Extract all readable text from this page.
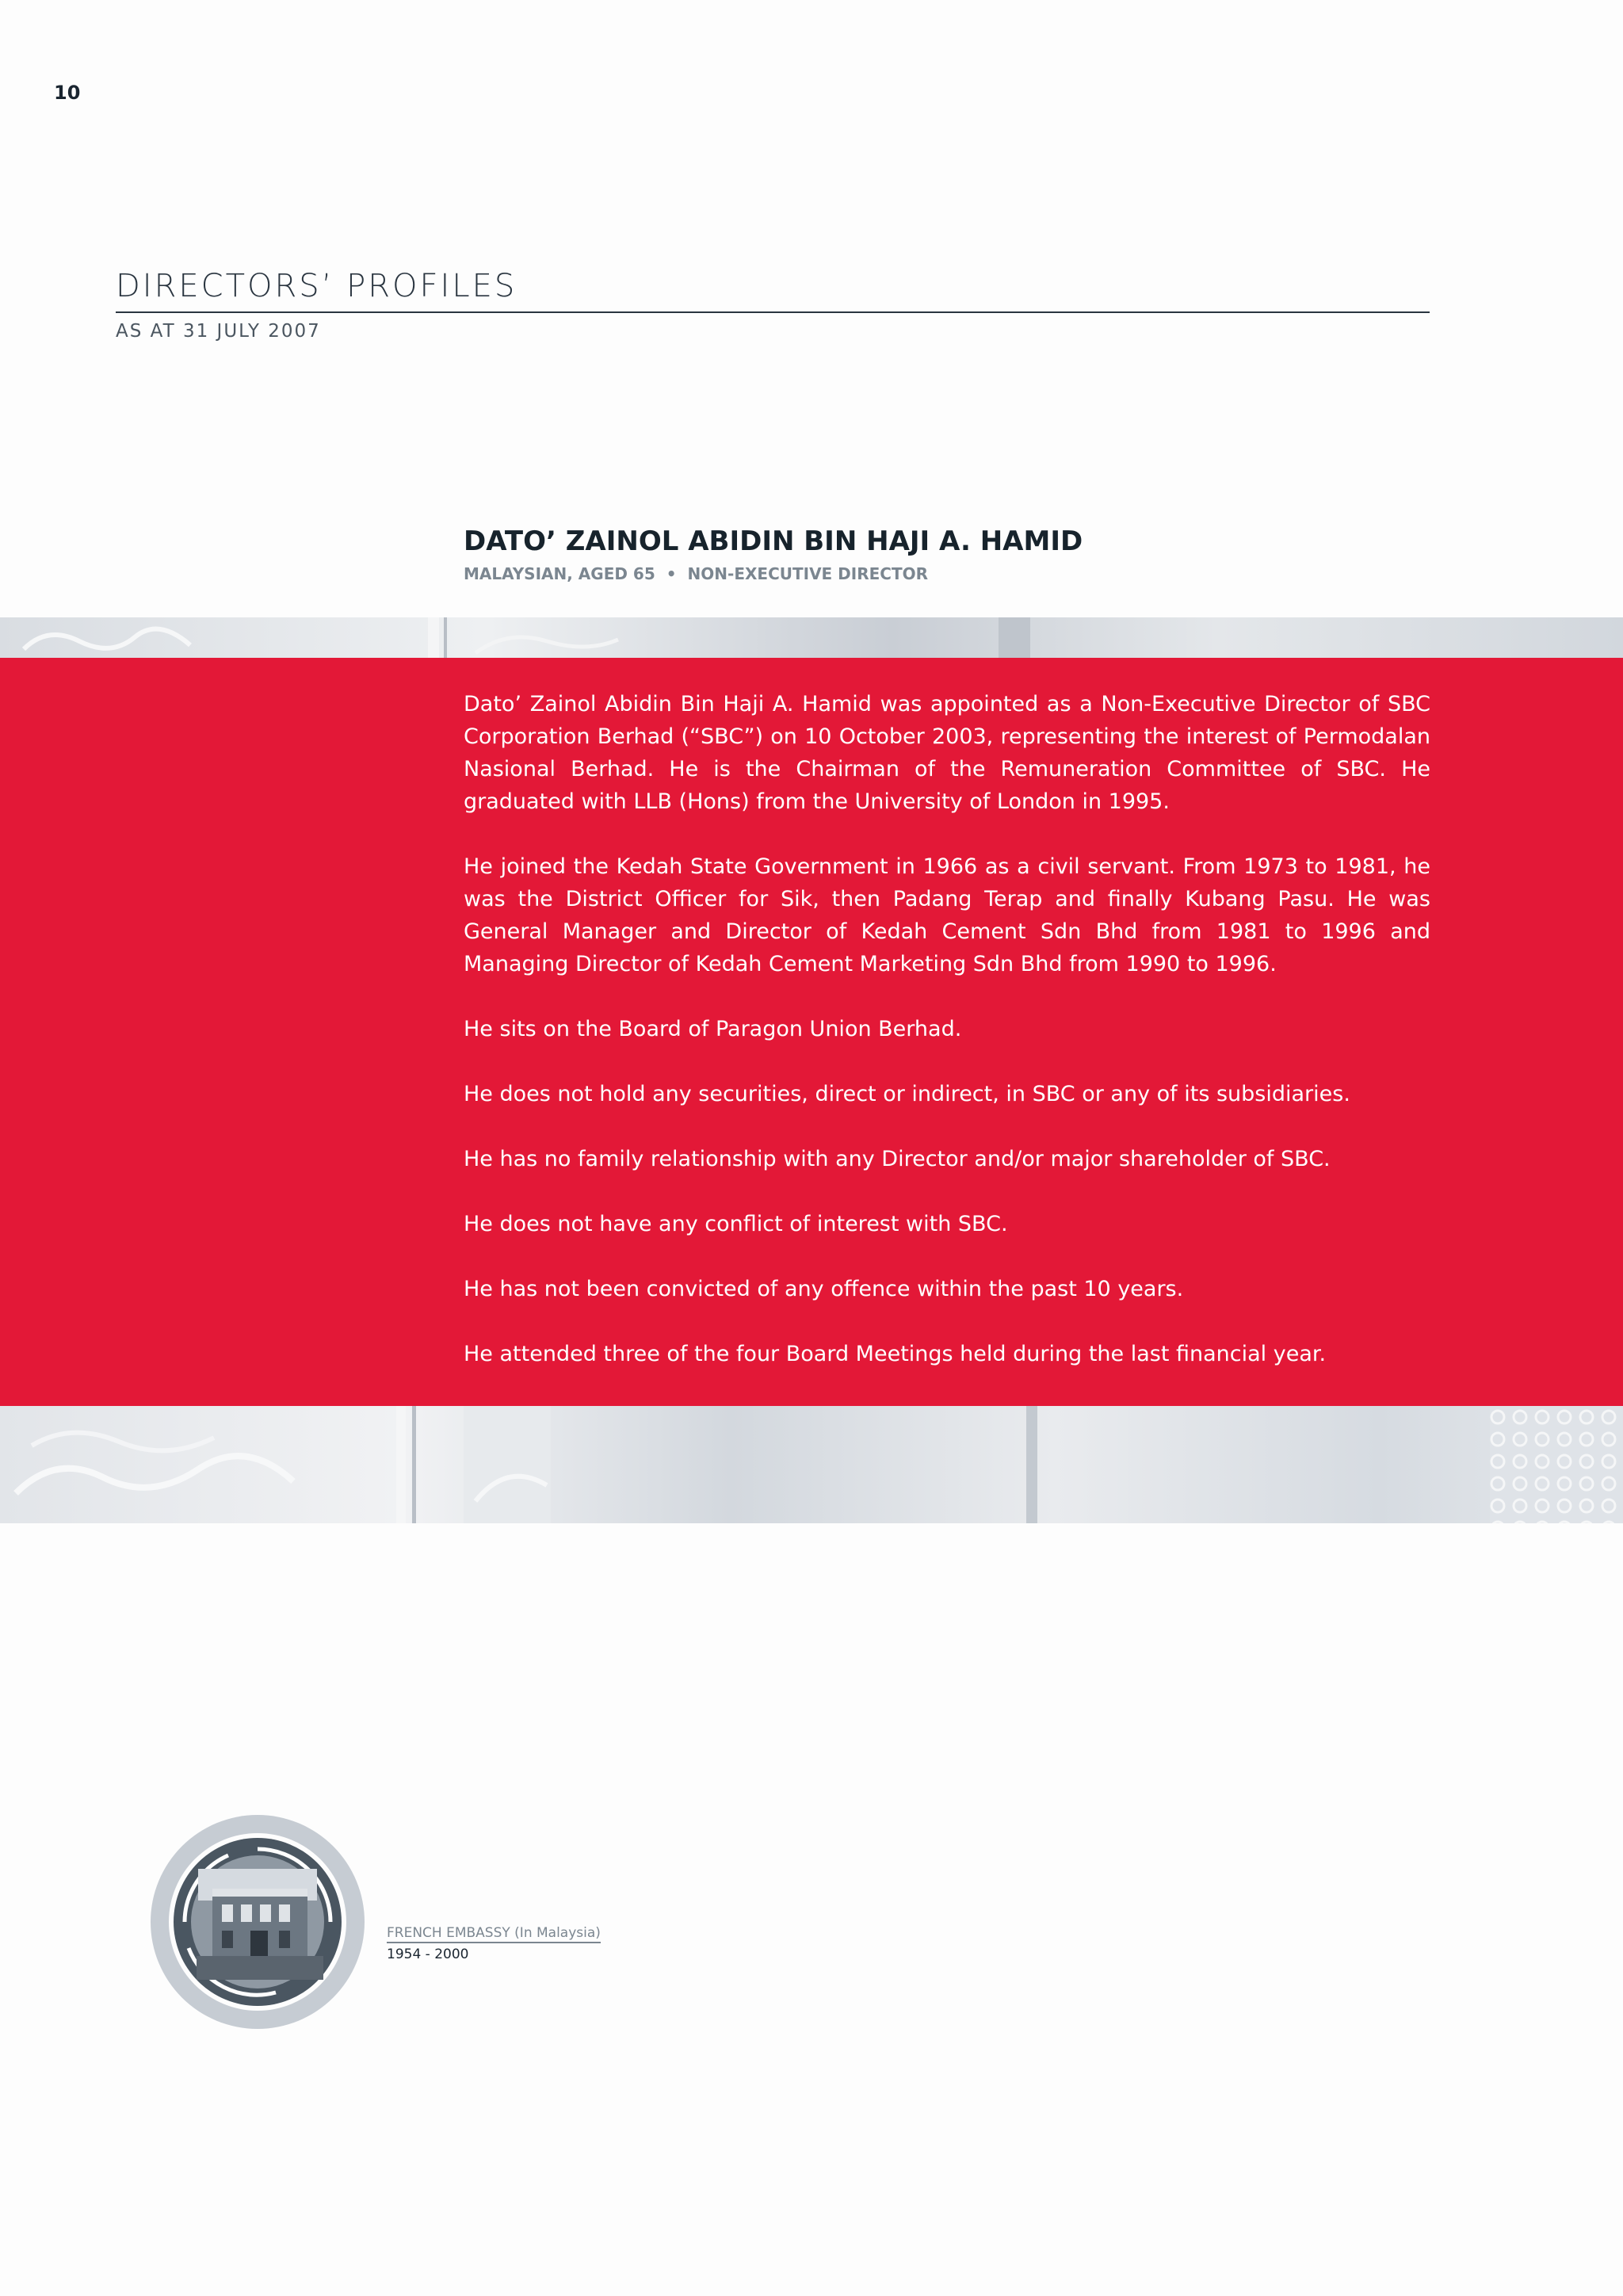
10
DIRECTORS’ PROFILES
AS AT 31 JULY 2007
DATO’ ZAINOL ABIDIN BIN HAJI A. HAMID
MALAYSIAN, AGED 65 • NON-EXECUTIVE DIRECTOR

Dato’ Zainol Abidin Bin Haji A. Hamid was appointed as a Non-Executive Director of SBC Corporation Berhad (“SBC”) on 10 October 2003, representing the interest of Permodalan Nasional Berhad. He is the Chairman of the Remuneration Committee of SBC. He graduated with LLB (Hons) from the University of London in 1995.

He joined the Kedah State Government in 1966 as a civil servant. From 1973 to 1981, he was the District Officer for Sik, then Padang Terap and finally Kubang Pasu. He was General Manager and Director of Kedah Cement Sdn Bhd from 1981 to 1996 and Managing Director of Kedah Cement Marketing Sdn Bhd from 1990 to 1996.

He sits on the Board of Paragon Union Berhad.

He does not hold any securities, direct or indirect, in SBC or any of its subsidiaries.

He has no family relationship with any Director and/or major shareholder of SBC.

He does not have any conflict of interest with SBC.

He has not been convicted of any offence within the past 10 years.

He attended three of the four Board Meetings held during the last financial year.

FRENCH EMBASSY (In Malaysia)
1954 - 2000
